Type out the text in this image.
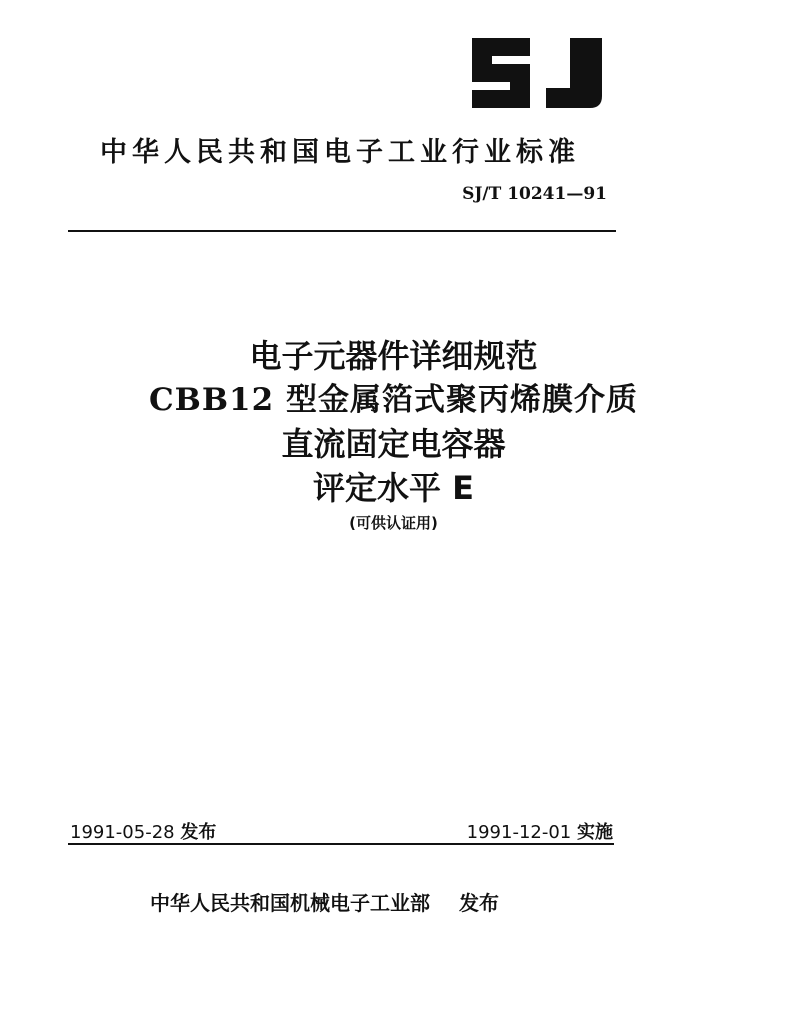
中华人民共和国电子工业行业标准
SJ/T 10241—91
电子元器件详细规范
CBB12 型金属箔式聚丙烯膜介质
直流固定电容器
评定水平 E
(可供认证用)
1991-05-28 发布	1991-12-01 实施
中华人民共和国机械电子工业部 发布
